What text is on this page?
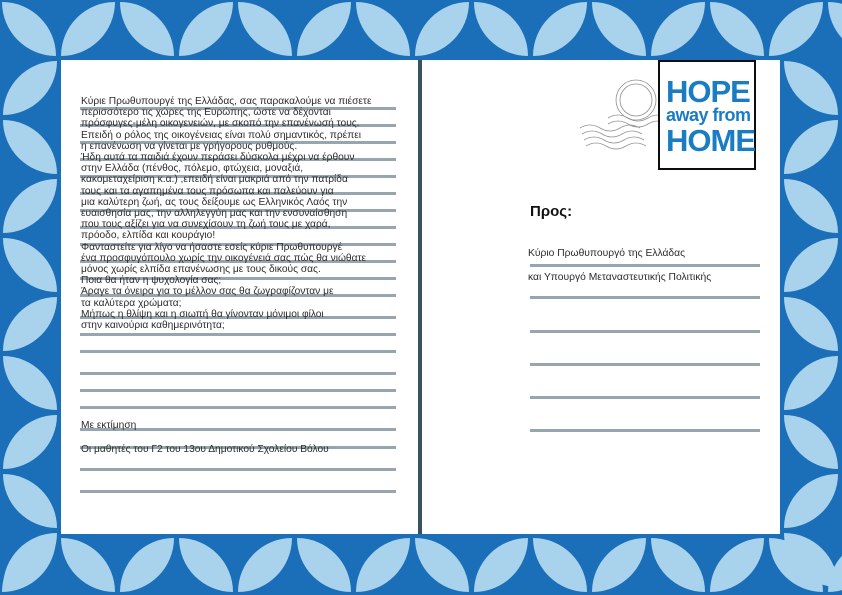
Κύριε Πρωθυπουργέ της Ελλάδας, σας παρακαλούμε να πιέσετε
περισσότερο τις χώρες της Ευρώπης, ώστε να δέχονται
πρόσφυγες-μέλη οικογενειών, με σκοπό την επανένωσή τους.
Επειδή ο ρόλος της οικογένειας είναι πολύ σημαντικός, πρέπει
η επανένωση να γίνεται με γρήγορους ρυθμούς.
Ήδη αυτά τα παιδιά έχουν περάσει δύσκολα μέχρι να έρθουν
στην Ελλάδα (πένθος, πόλεμο, φτώχεια, μοναξιά,
κακομεταχείριση κ.α.) ,επειδή είναι μακριά από την πατρίδα
τους και τα αγαπημένα τους πρόσωπα και παλεύουν για
μια καλύτερη ζωή, ας τους δείξουμε ως Ελληνικός Λαός την
ευαισθησία μας, την αλληλεγγύη μας και την ενσυναίσθηση
που τους αξίζει για να συνεχίσουν τη ζωή τους με χαρά,
πρόοδο, ελπίδα και κουράγιο!
Φανταστείτε για λίγο να ήσαστε εσείς κύριε Πρωθυπουργέ
ένα προσφυγόπουλο χωρίς την οικογένειά σας πώς θα νιώθατε
μόνος χωρίς ελπίδα επανένωσης με τους δικούς σας.
Ποια θα ήταν η ψυχολογία σας;
Άραγε τα όνειρα για το μέλλον σας θα ζωγραφίζονταν με
τα καλύτερα χρώματα;
Μήπως η θλίψη και η σιωπή θα γίνονταν μόνιμοι φίλοι
στην καινούρια καθημερινότητα;
Με εκτίμηση
Οι μαθητές του Γ2 του 13ου Δημοτικού Σχολείου Βόλου
HOPE
away from
HOME
Προς:
Κύριο Πρωθυπουργό της Ελλάδας
και Υπουργό Μεταναστευτικής Πολιτικής
